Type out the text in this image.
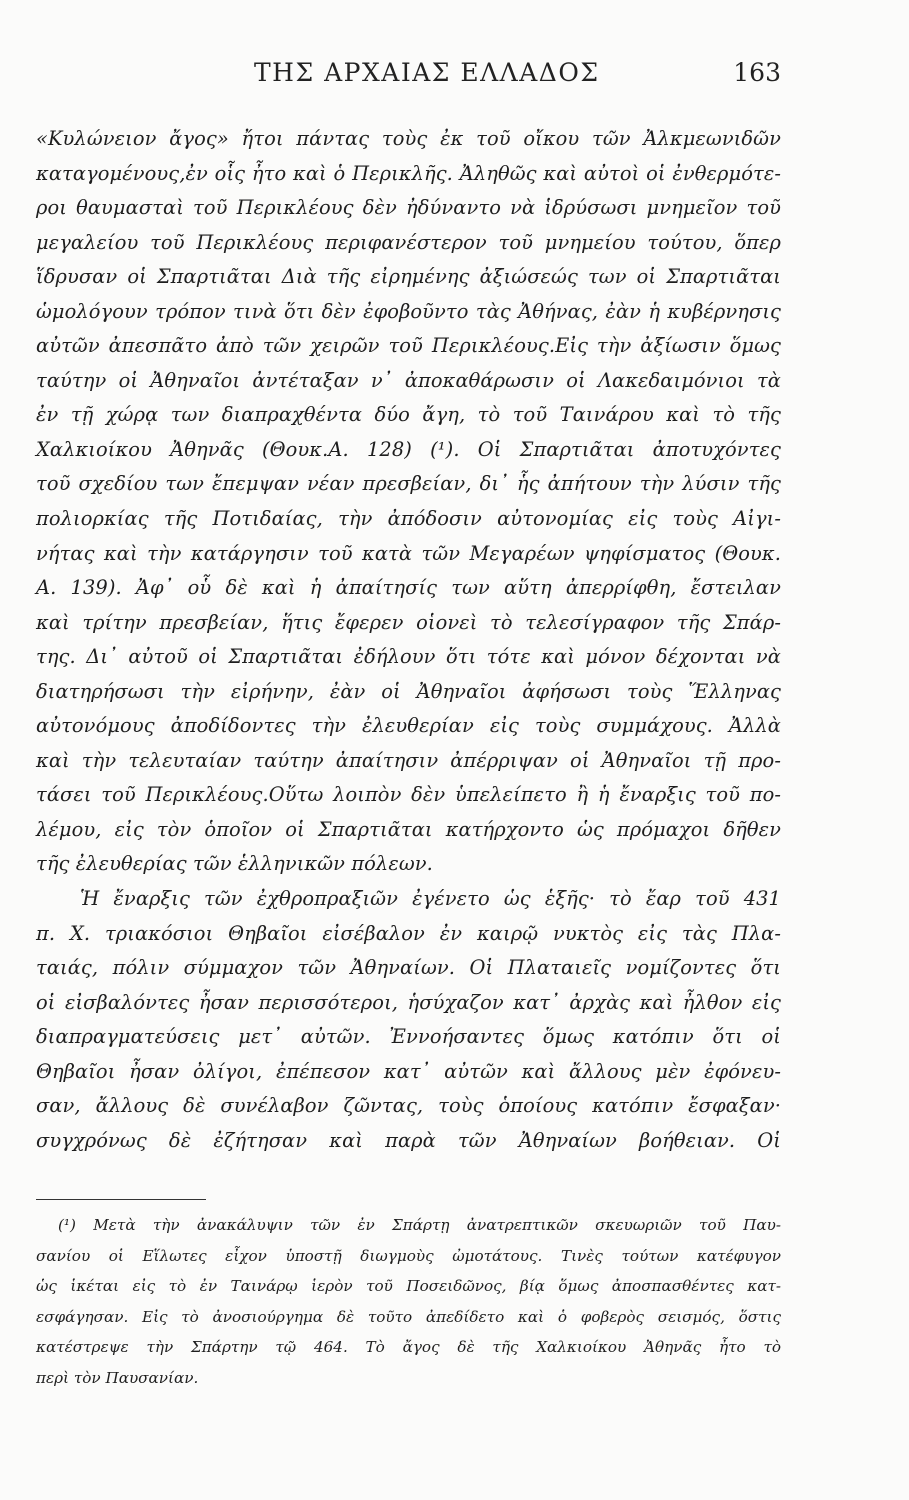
ΤΗΣ ΑΡΧΑΙΑΣ ΕΛΛΑΔΟΣ	163
«Κυλώνειον ἄγος» ἤτοι πάντας τοὺς ἐκ τοῦ οἴκου τῶν Ἀλκμεωνιδῶν
καταγομένους,ἐν οἷς ἦτο καὶ ὁ Περικλῆς. Ἀληθῶς καὶ αὐτοὶ οἱ ἐνθερμότε-
ροι θαυμασταὶ τοῦ Περικλέους δὲν ἠδύναντο νὰ ἱδρύσωσι μνημεῖον τοῦ
μεγαλείου τοῦ Περικλέους περιφανέστερον τοῦ μνημείου τούτου, ὅπερ
ἵδρυσαν οἱ Σπαρτιᾶται Διὰ τῆς εἰρημένης ἀξιώσεώς των οἱ Σπαρτιᾶται
ὡμολόγουν τρόπον τινὰ ὅτι δὲν ἐφοβοῦντο τὰς Ἀθήνας, ἐὰν ἡ κυβέρνησις
αὐτῶν ἀπεσπᾶτο ἀπὸ τῶν χειρῶν τοῦ Περικλέους.Εἰς τὴν ἀξίωσιν ὅμως
ταύτην οἱ Ἀθηναῖοι ἀντέταξαν ν᾽ ἀποκαθάρωσιν οἱ Λακεδαιμόνιοι τὰ
ἐν τῇ χώρᾳ των διαπραχθέντα δύο ἄγη, τὸ τοῦ Ταινάρου καὶ τὸ τῆς
Χαλκιοίκου Ἀθηνᾶς (Θουκ.Α. 128) (¹). Οἱ Σπαρτιᾶται ἀποτυχόντες
τοῦ σχεδίου των ἔπεμψαν νέαν πρεσβείαν, δι᾽ ἧς ἀπήτουν τὴν λύσιν τῆς
πολιορκίας τῆς Ποτιδαίας, τὴν ἀπόδοσιν αὐτονομίας εἰς τοὺς Αἰγι-
νήτας καὶ τὴν κατάργησιν τοῦ κατὰ τῶν Μεγαρέων ψηφίσματος (Θουκ.
Α. 139). Ἀφ᾽ οὗ δὲ καὶ ἡ ἀπαίτησίς των αὕτη ἀπερρίφθη, ἔστειλαν
καὶ τρίτην πρεσβείαν, ἥτις ἔφερεν οἱονεὶ τὸ τελεσίγραφον τῆς Σπάρ-
της. Δι᾽ αὐτοῦ οἱ Σπαρτιᾶται ἐδήλουν ὅτι τότε καὶ μόνον δέχονται νὰ
διατηρήσωσι τὴν εἰρήνην, ἐὰν οἱ Ἀθηναῖοι ἀφήσωσι τοὺς Ἕλληνας
αὐτονόμους ἀποδίδοντες τὴν ἐλευθερίαν εἰς τοὺς συμμάχους. Ἀλλὰ
καὶ τὴν τελευταίαν ταύτην ἀπαίτησιν ἀπέρριψαν οἱ Ἀθηναῖοι τῇ προ-
τάσει τοῦ Περικλέους.Οὕτω λοιπὸν δὲν ὑπελείπετο ἢ ἡ ἔναρξις τοῦ πο-
λέμου, εἰς τὸν ὁποῖον οἱ Σπαρτιᾶται κατήρχοντο ὡς πρόμαχοι δῆθεν
τῆς ἐλευθερίας τῶν ἑλληνικῶν πόλεων.
Ἡ ἔναρξις τῶν ἐχθροπραξιῶν ἐγένετο ὡς ἑξῆς· τὸ ἔαρ τοῦ 431
π. Χ. τριακόσιοι Θηβαῖοι εἰσέβαλον ἐν καιρῷ νυκτὸς εἰς τὰς Πλα-
ταιάς, πόλιν σύμμαχον τῶν Ἀθηναίων. Οἱ Πλαταιεῖς νομίζοντες ὅτι
οἱ εἰσβαλόντες ἦσαν περισσότεροι, ἡσύχαζον κατ᾽ ἀρχὰς καὶ ἦλθον εἰς
διαπραγματεύσεις μετ᾽ αὐτῶν. Ἐννοήσαντες ὅμως κατόπιν ὅτι οἱ
Θηβαῖοι ἦσαν ὀλίγοι, ἐπέπεσον κατ᾽ αὐτῶν καὶ ἄλλους μὲν ἐφόνευ-
σαν, ἄλλους δὲ συνέλαβον ζῶντας, τοὺς ὁποίους κατόπιν ἔσφαξαν·
συγχρόνως δὲ ἐζήτησαν καὶ παρὰ τῶν Ἀθηναίων βοήθειαν. Οἱ
(¹) Μετὰ τὴν ἀνακάλυψιν τῶν ἐν Σπάρτῃ ἀνατρεπτικῶν σκευωριῶν τοῦ Παυ-
σανίου οἱ Εἵλωτες εἶχον ὑποστῇ διωγμοὺς ὠμοτάτους. Τινὲς τούτων κατέφυγον
ὡς ἱκέται εἰς τὸ ἐν Ταινάρῳ ἱερὸν τοῦ Ποσειδῶνος, βίᾳ ὅμως ἀποσπασθέντες κατ-
εσφάγησαν. Εἰς τὸ ἀνοσιούργημα δὲ τοῦτο ἀπεδίδετο καὶ ὁ φοβερὸς σεισμός, ὅστις
κατέστρεψε τὴν Σπάρτην τῷ 464. Τὸ ἄγος δὲ τῆς Χαλκιοίκου Ἀθηνᾶς ἦτο τὸ
περὶ τὸν Παυσανίαν.
